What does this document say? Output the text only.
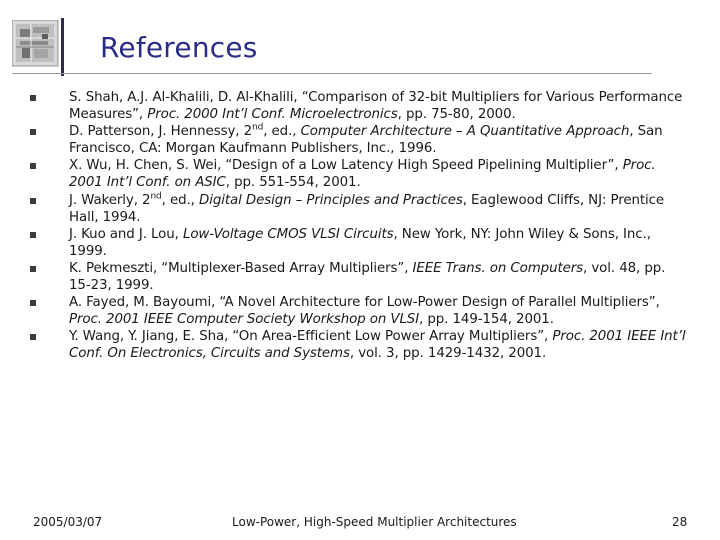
References
S. Shah, A.J. Al-Khalili, D. Al-Khalili, “Comparison of 32-bit Multipliers for Various Performance Measures”, Proc. 2000 Int’l Conf. Microelectronics, pp. 75-80, 2000.
D. Patterson, J. Hennessy, 2nd, ed., Computer Architecture – A Quantitative Approach, San Francisco, CA: Morgan Kaufmann Publishers, Inc., 1996.
X. Wu, H. Chen, S. Wei, “Design of a Low Latency High Speed Pipelining Multiplier”, Proc. 2001 Int’l Conf. on ASIC, pp. 551-554, 2001.
J. Wakerly, 2nd, ed., Digital Design – Principles and Practices, Eaglewood Cliffs, NJ: Prentice Hall, 1994.
J. Kuo and J. Lou, Low-Voltage CMOS VLSI Circuits, New York, NY: John Wiley & Sons, Inc., 1999.
K. Pekmeszti, “Multiplexer-Based Array Multipliers”, IEEE Trans. on Computers, vol. 48, pp. 15-23, 1999.
A. Fayed, M. Bayoumi, “A Novel Architecture for Low-Power Design of Parallel Multipliers”, Proc. 2001 IEEE Computer Society Workshop on VLSI, pp. 149-154, 2001.
Y. Wang, Y. Jiang, E. Sha, “On Area-Efficient Low Power Array Multipliers”, Proc. 2001 IEEE Int’l Conf. On Electronics, Circuits and Systems, vol. 3, pp. 1429-1432, 2001.
2005/03/07	Low-Power, High-Speed Multiplier Architectures	28
